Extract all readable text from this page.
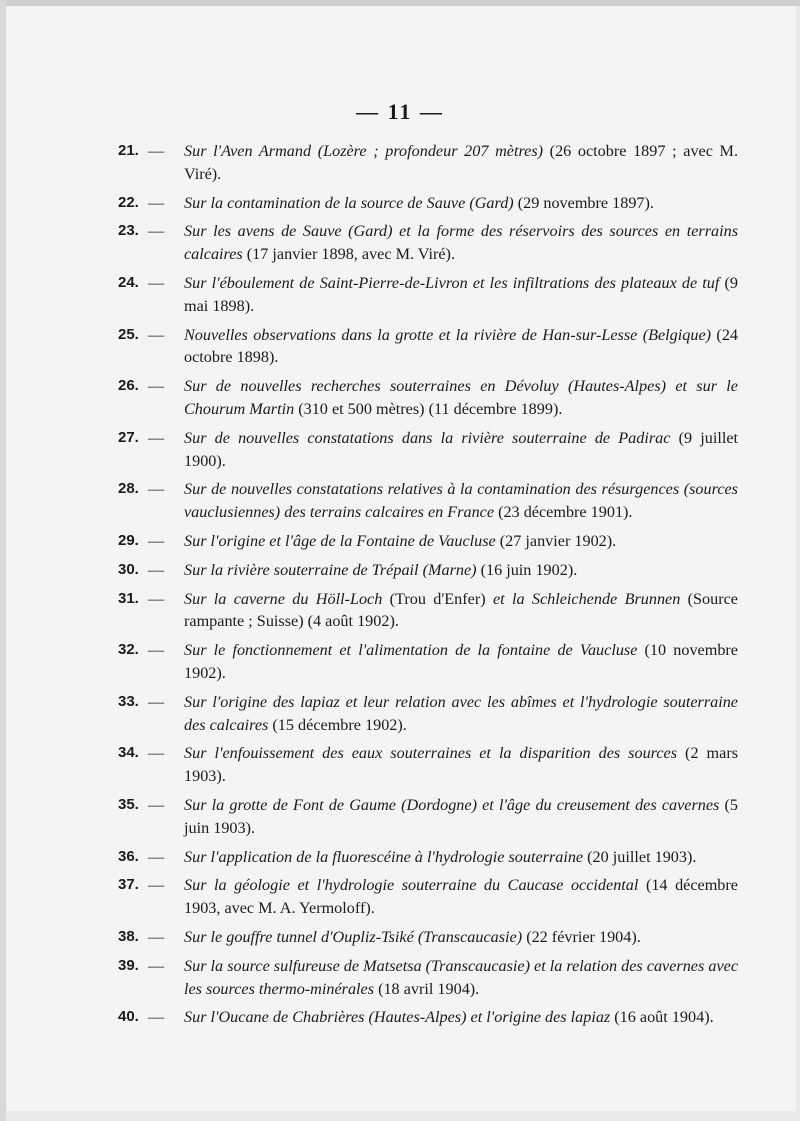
— 11 —
21. — Sur l'Aven Armand (Lozère ; profondeur 207 mètres) (26 octobre 1897 ; avec M. Viré).
22. — Sur la contamination de la source de Sauve (Gard) (29 novembre 1897).
23. — Sur les avens de Sauve (Gard) et la forme des réservoirs des sources en terrains calcaires (17 janvier 1898, avec M. Viré).
24. — Sur l'éboulement de Saint-Pierre-de-Livron et les infiltrations des plateaux de tuf (9 mai 1898).
25. — Nouvelles observations dans la grotte et la rivière de Han-sur-Lesse (Belgique) (24 octobre 1898).
26. — Sur de nouvelles recherches souterraines en Dévoluy (Hautes-Alpes) et sur le Chourum Martin (310 et 500 mètres) (11 décembre 1899).
27. — Sur de nouvelles constatations dans la rivière souterraine de Padirac (9 juillet 1900).
28. — Sur de nouvelles constatations relatives à la contamination des résurgences (sources vauclusiennes) des terrains calcaires en France (23 décembre 1901).
29. — Sur l'origine et l'âge de la Fontaine de Vaucluse (27 janvier 1902).
30. — Sur la rivière souterraine de Trépail (Marne) (16 juin 1902).
31. — Sur la caverne du Höll-Loch (Trou d'Enfer) et la Schleichende Brunnen (Source rampante ; Suisse) (4 août 1902).
32. — Sur le fonctionnement et l'alimentation de la fontaine de Vaucluse (10 novembre 1902).
33. — Sur l'origine des lapiaz et leur relation avec les abîmes et l'hydrologie souterraine des calcaires (15 décembre 1902).
34. — Sur l'enfouissement des eaux souterraines et la disparition des sources (2 mars 1903).
35. — Sur la grotte de Font de Gaume (Dordogne) et l'âge du creusement des cavernes (5 juin 1903).
36. — Sur l'application de la fluorescéine à l'hydrologie souterraine (20 juillet 1903).
37. — Sur la géologie et l'hydrologie souterraine du Caucase occidental (14 décembre 1903, avec M. A. Yermoloff).
38. — Sur le gouffre tunnel d'Oupliz-Tsiké (Transcaucasie) (22 février 1904).
39. — Sur la source sulfureuse de Matsetsa (Transcaucasie) et la relation des cavernes avec les sources thermo-minérales (18 avril 1904).
40. — Sur l'Oucane de Chabrières (Hautes-Alpes) et l'origine des lapiaz (16 août 1904).
